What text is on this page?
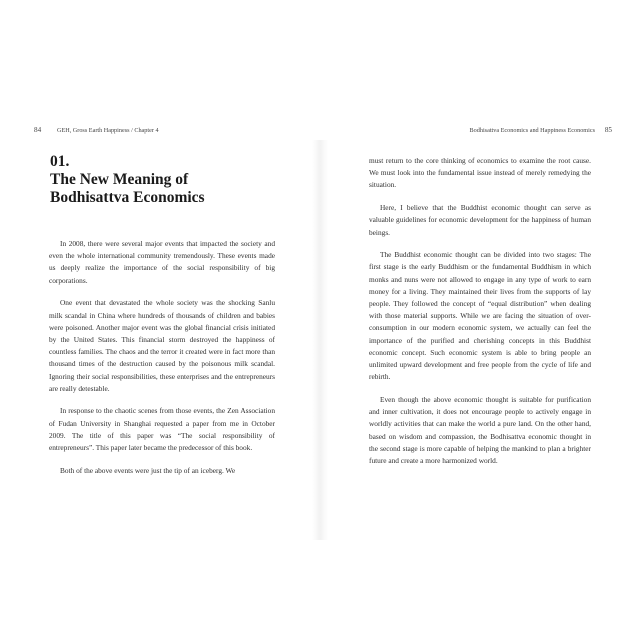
84	GEH, Gross Earth Happiness / Chapter 4
01.
The New Meaning of
Bodhisattva Economics

In 2008, there were several major events that impacted the society and even the whole international community tremendously. These events made us deeply realize the importance of the social responsibility of big corporations.

One event that devastated the whole society was the shocking Sanlu milk scandal in China where hundreds of thousands of children and babies were poisoned. Another major event was the global financial crisis initiated by the United States. This financial storm destroyed the happiness of countless families. The chaos and the terror it created were in fact more than thousand times of the destruction caused by the poisonous milk scandal. Ignoring their social responsibilities, these enterprises and the entrepreneurs are really detestable.

In response to the chaotic scenes from those events, the Zen Association of Fudan University in Shanghai requested a paper from me in October 2009. The title of this paper was “The social responsibility of entrepreneurs”. This paper later became the predecessor of this book.

Both of the above events were just the tip of an iceberg. We

Bodhisattva Economics and Happiness Economics 85

must return to the core thinking of economics to examine the root cause. We must look into the fundamental issue instead of merely remedying the situation.

Here, I believe that the Buddhist economic thought can serve as valuable guidelines for economic development for the happiness of human beings.

The Buddhist economic thought can be divided into two stages: The first stage is the early Buddhism or the fundamental Buddhism in which monks and nuns were not allowed to engage in any type of work to earn money for a living. They maintained their lives from the supports of lay people. They followed the concept of “equal distribution” when dealing with those material supports. While we are facing the situation of over-consumption in our modern economic system, we actually can feel the importance of the purified and cherishing concepts in this Buddhist economic concept. Such economic system is able to bring people an unlimited upward development and free people from the cycle of life and rebirth.

Even though the above economic thought is suitable for purification and inner cultivation, it does not encourage people to actively engage in worldly activities that can make the world a pure land. On the other hand, based on wisdom and compassion, the Bodhisattva economic thought in the second stage is more capable of helping the mankind to plan a brighter future and create a more harmonized world.
